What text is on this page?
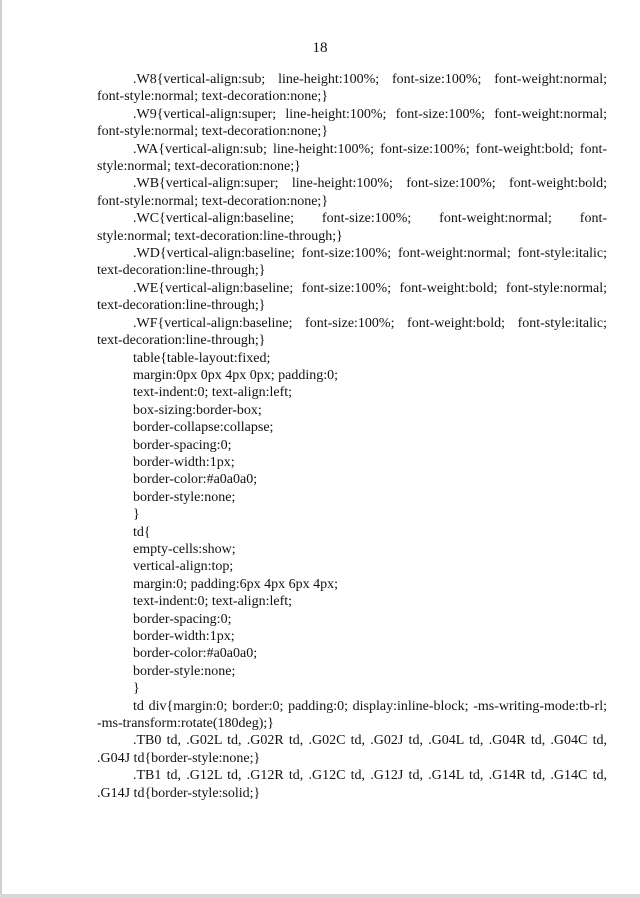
18

.W8{vertical-align:sub; line-height:100%; font-size:100%; font-weight:normal; font-style:normal; text-decoration:none;}

.W9{vertical-align:super; line-height:100%; font-size:100%; font-weight:normal; font-style:normal; text-decoration:none;}

.WA{vertical-align:sub; line-height:100%; font-size:100%; font-weight:bold; font-style:normal; text-decoration:none;}

.WB{vertical-align:super; line-height:100%; font-size:100%; font-weight:bold; font-style:normal; text-decoration:none;}

.WC{vertical-align:baseline; font-size:100%; font-weight:normal; font-style:normal; text-decoration:line-through;}

.WD{vertical-align:baseline; font-size:100%; font-weight:normal; font-style:italic; text-decoration:line-through;}

.WE{vertical-align:baseline; font-size:100%; font-weight:bold; font-style:normal; text-decoration:line-through;}

.WF{vertical-align:baseline; font-size:100%; font-weight:bold; font-style:italic; text-decoration:line-through;}

table{table-layout:fixed;

margin:0px 0px 4px 0px; padding:0;

text-indent:0; text-align:left;

box-sizing:border-box;

border-collapse:collapse;

border-spacing:0;

border-width:1px;

border-color:#a0a0a0;

border-style:none;

}

td{

empty-cells:show;

vertical-align:top;

margin:0; padding:6px 4px 6px 4px;

text-indent:0; text-align:left;

border-spacing:0;

border-width:1px;

border-color:#a0a0a0;

border-style:none;

}

td div{margin:0; border:0; padding:0; display:inline-block; -ms-writing-mode:tb-rl; -ms-transform:rotate(180deg);}

.TB0 td, .G02L td, .G02R td, .G02C td, .G02J td, .G04L td, .G04R td, .G04C td, .G04J td{border-style:none;}

.TB1 td, .G12L td, .G12R td, .G12C td, .G12J td, .G14L td, .G14R td, .G14C td, .G14J td{border-style:solid;}
